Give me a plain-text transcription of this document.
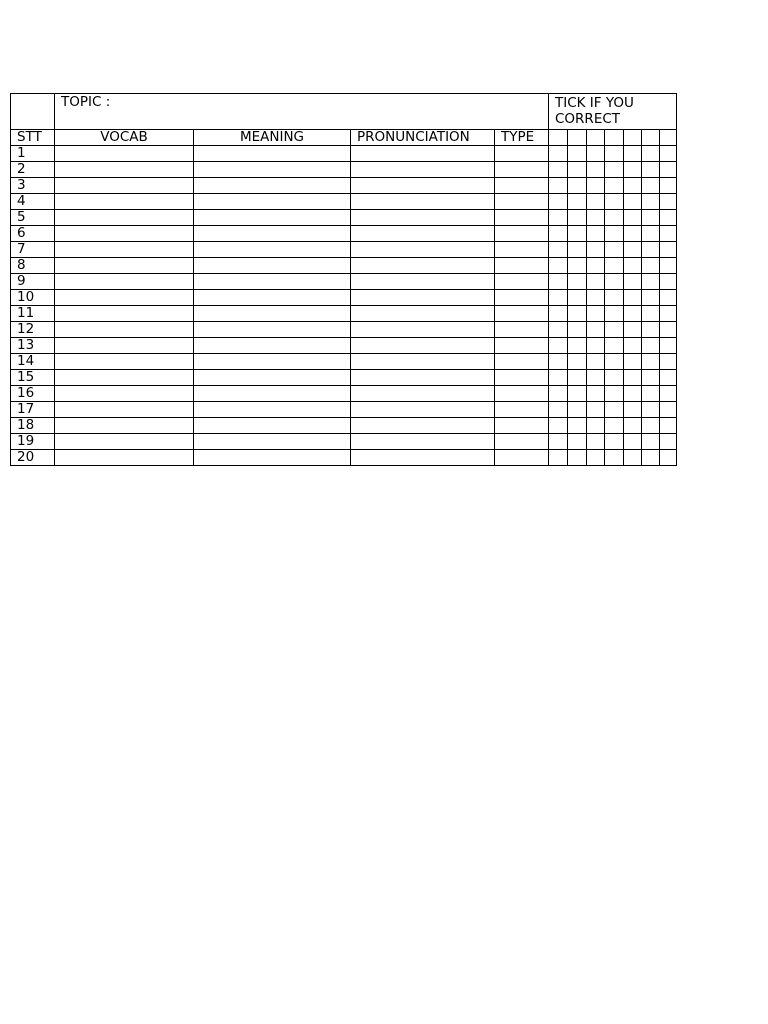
	TOPIC :				TICK IF YOU CORRECT						
STT	VOCAB	MEANING	PRONUNCIATION	TYPE							
1											
2											
3											
4											
5											
6											
7											
8											
9											
10											
11											
12											
13											
14											
15											
16											
17											
18											
19											
20											
